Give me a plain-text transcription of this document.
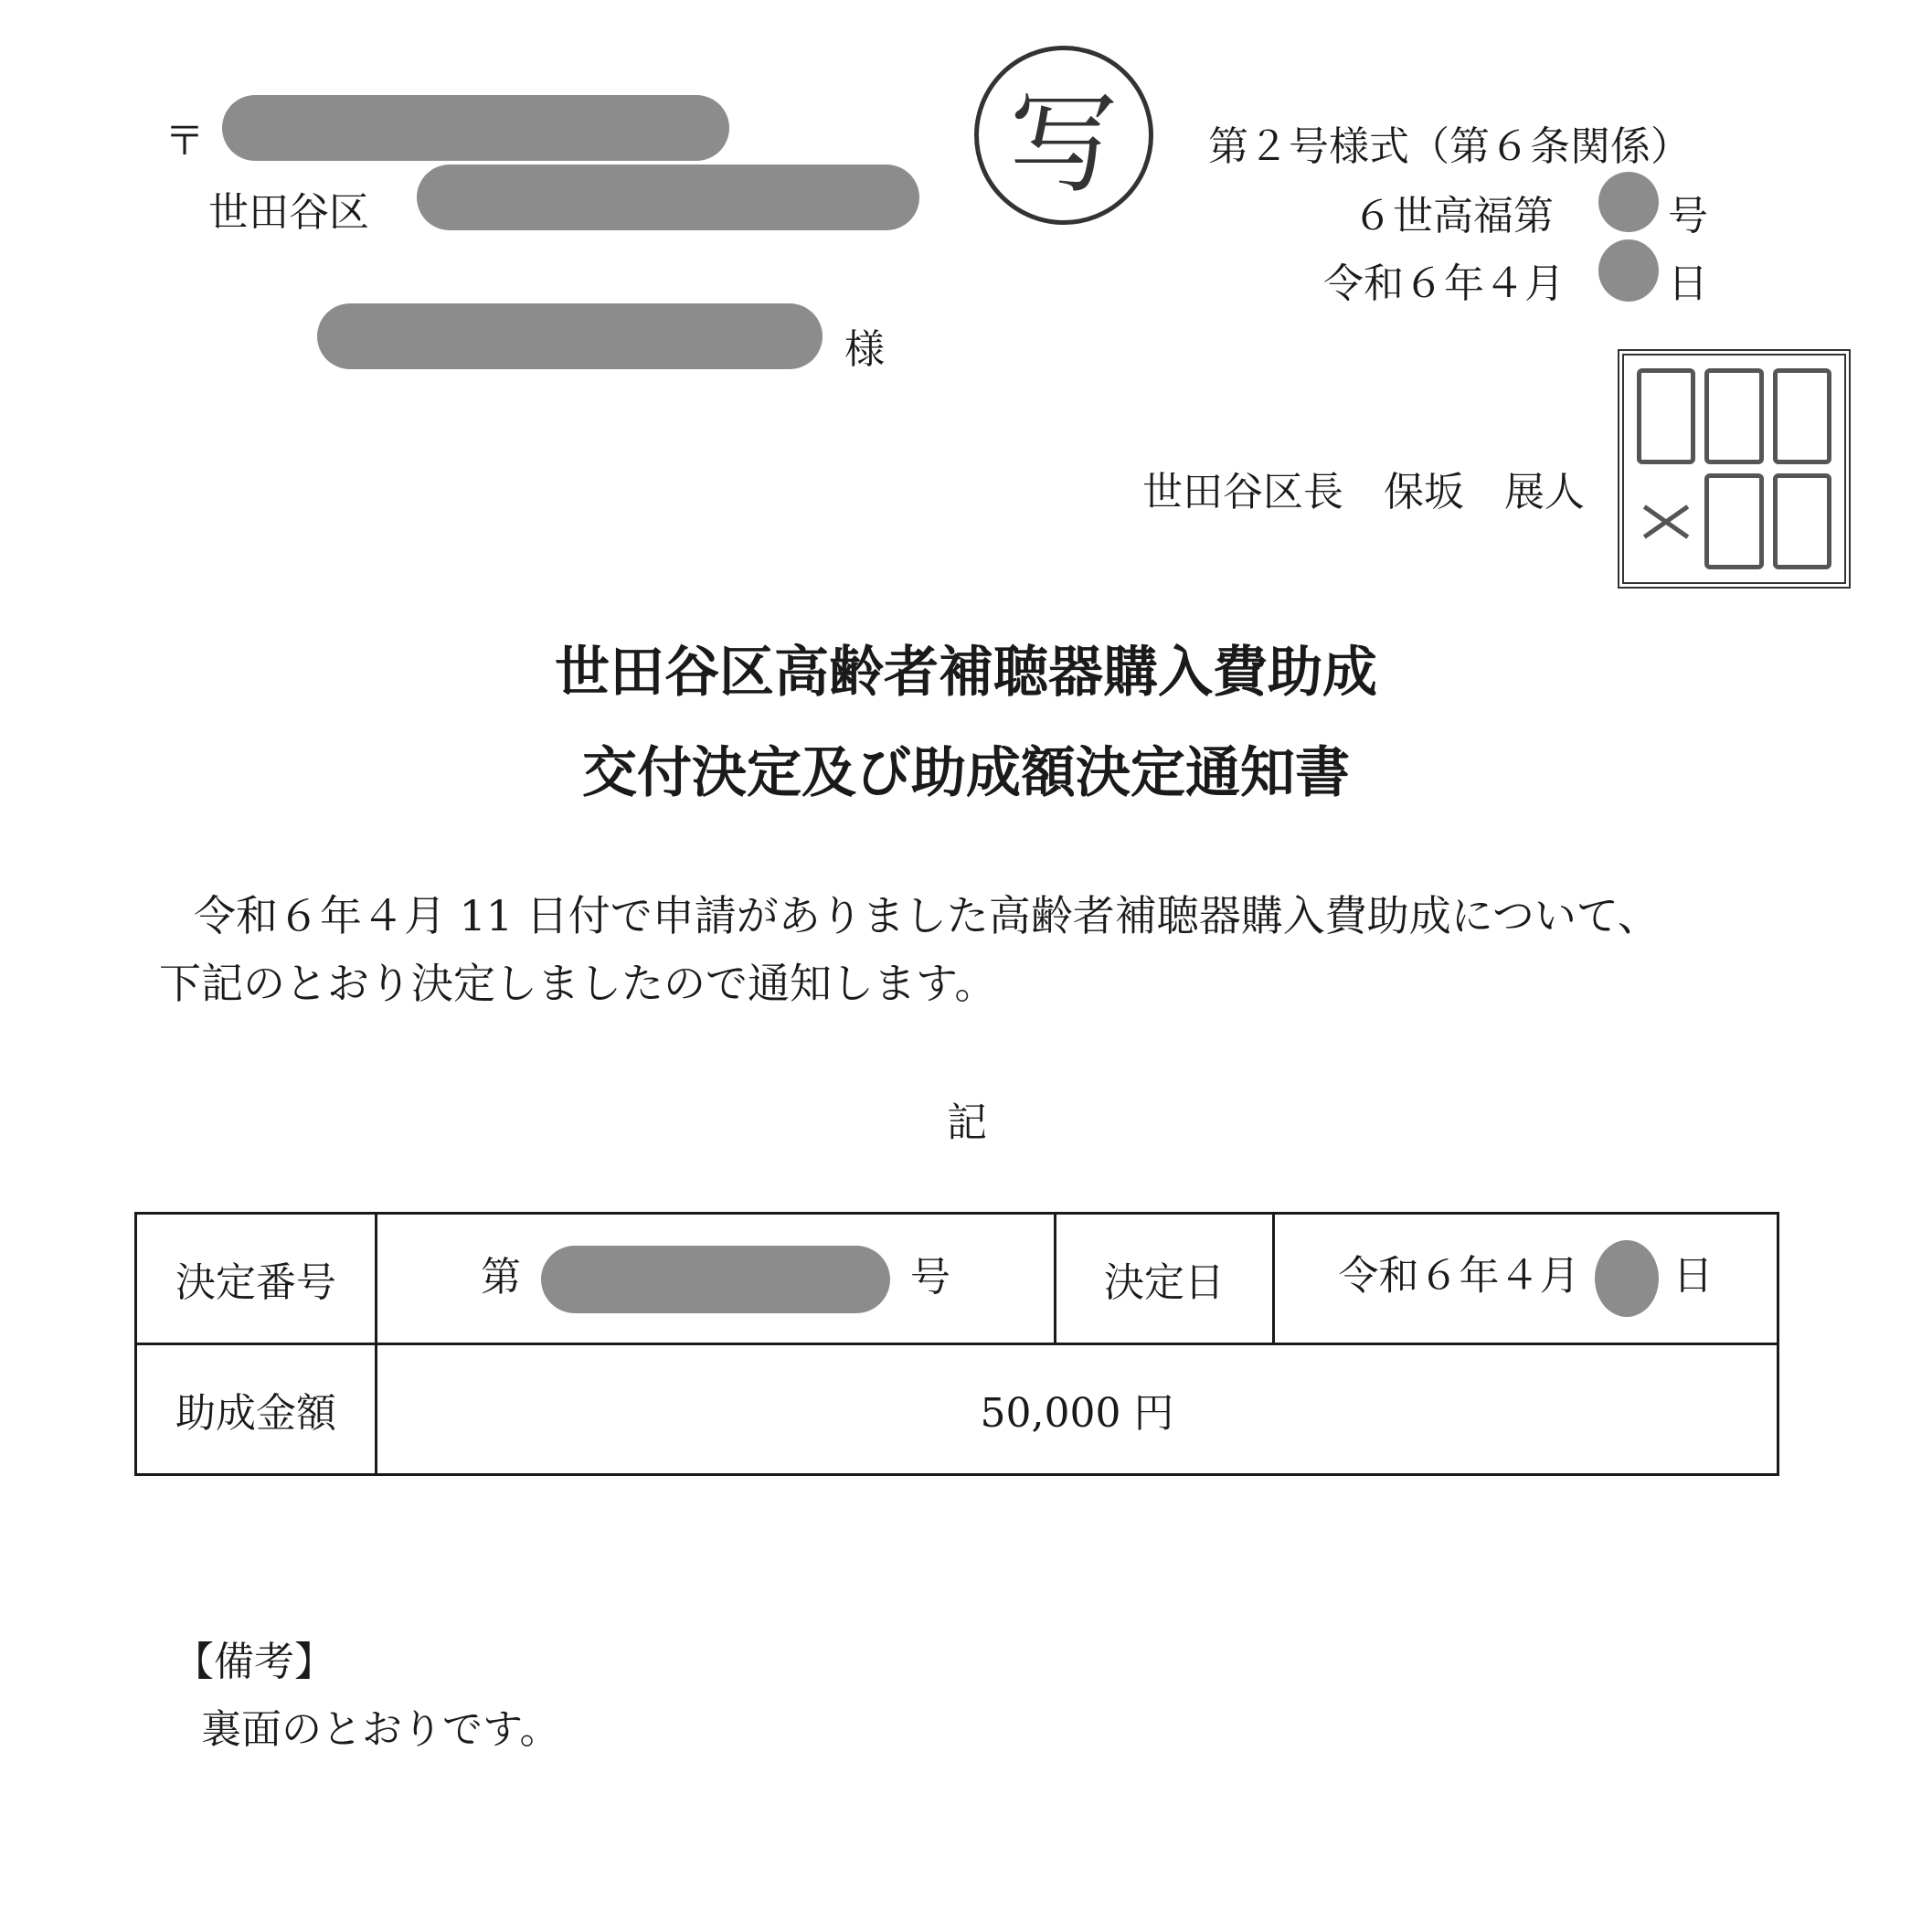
〒
世田谷区
様
写	第２号様式（第６条関係）
６世高福第	号
令和６年４月	日
世田谷区長　保坂　展人
世田谷区高齢者補聴器購入費助成
交付決定及び助成額決定通知書
令和６年４月 11 日付で申請がありました高齢者補聴器購入費助成について、
下記のとおり決定しましたので通知します。
記
決定番号	第 号	決定日	令和６年４月 日
助成金額	50,000 円		
【備考】
裏面のとおりです。
